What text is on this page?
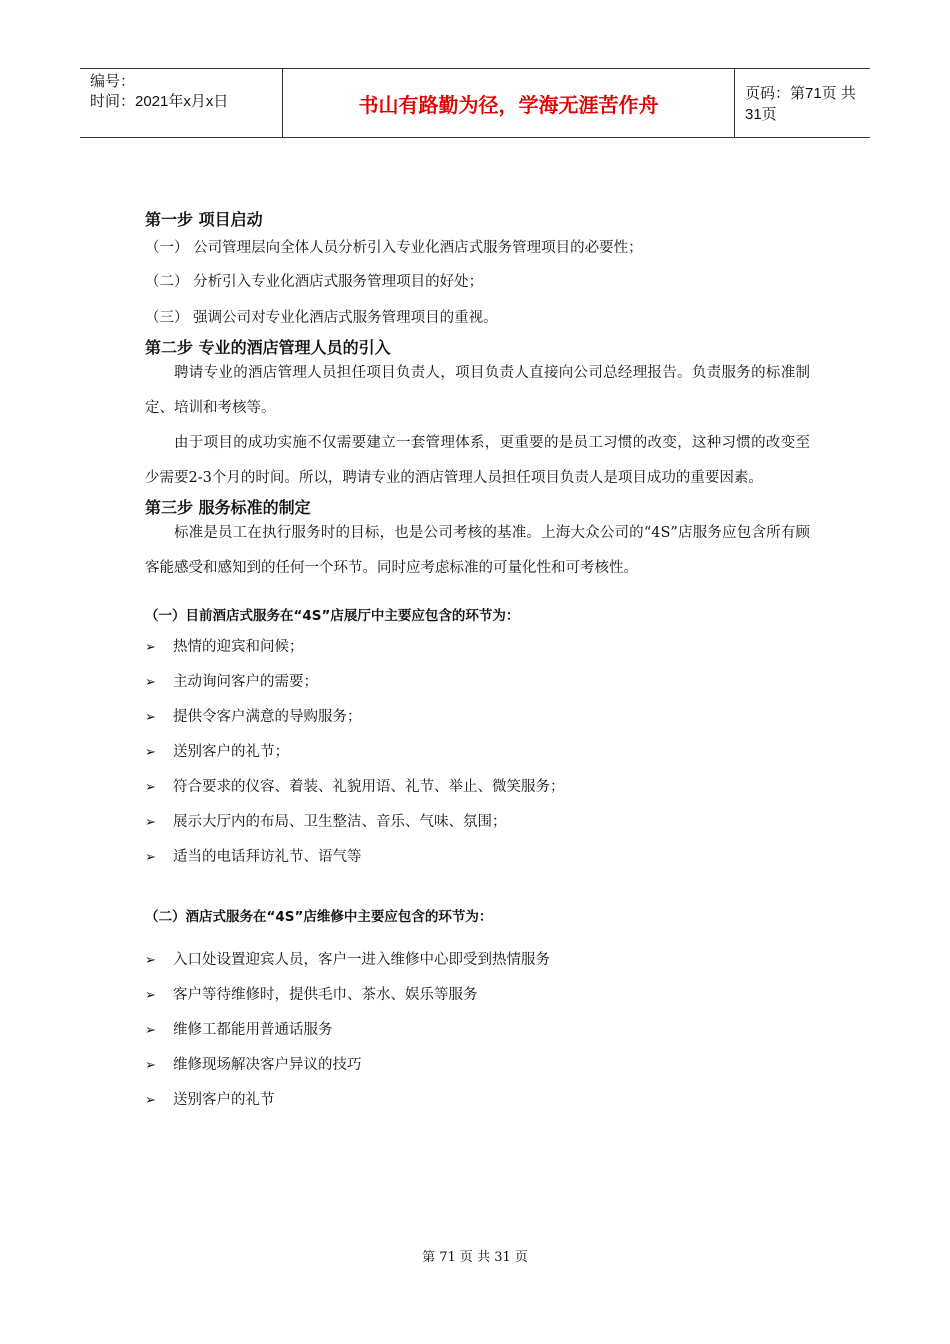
编号：
时间：2021年x月x日	书山有路勤为径，学海无涯苦作舟	页码：第71页 共31页

第一步 项目启动

（一） 公司管理层向全体人员分析引入专业化酒店式服务管理项目的必要性；

（二） 分析引入专业化酒店式服务管理项目的好处；

（三） 强调公司对专业化酒店式服务管理项目的重视。

第二步 专业的酒店管理人员的引入

聘请专业的酒店管理人员担任项目负责人，项目负责人直接向公司总经理报告。负责服务的标准制定、培训和考核等。

由于项目的成功实施不仅需要建立一套管理体系，更重要的是员工习惯的改变，这种习惯的改变至少需要2-3个月的时间。所以，聘请专业的酒店管理人员担任项目负责人是项目成功的重要因素。

第三步 服务标准的制定

标准是员工在执行服务时的目标，也是公司考核的基准。上海大众公司的“4S”店服务应包含所有顾客能感受和感知到的任何一个环节。同时应考虑标准的可量化性和可考核性。

（一）目前酒店式服务在“4S”店展厅中主要应包含的环节为：

➢	热情的迎宾和问候；
➢	主动询问客户的需要；
➢	提供令客户满意的导购服务；
➢	送别客户的礼节；
➢	符合要求的仪容、着装、礼貌用语、礼节、举止、微笑服务；
➢	展示大厅内的布局、卫生整洁、音乐、气味、氛围；
➢	适当的电话拜访礼节、语气等

（二）酒店式服务在“4S”店维修中主要应包含的环节为：

➢	入口处设置迎宾人员，客户一进入维修中心即受到热情服务
➢	客户等待维修时，提供毛巾、茶水、娱乐等服务
➢	维修工都能用普通话服务
➢	维修现场解决客户异议的技巧
➢	送别客户的礼节
第 71 页 共 31 页
